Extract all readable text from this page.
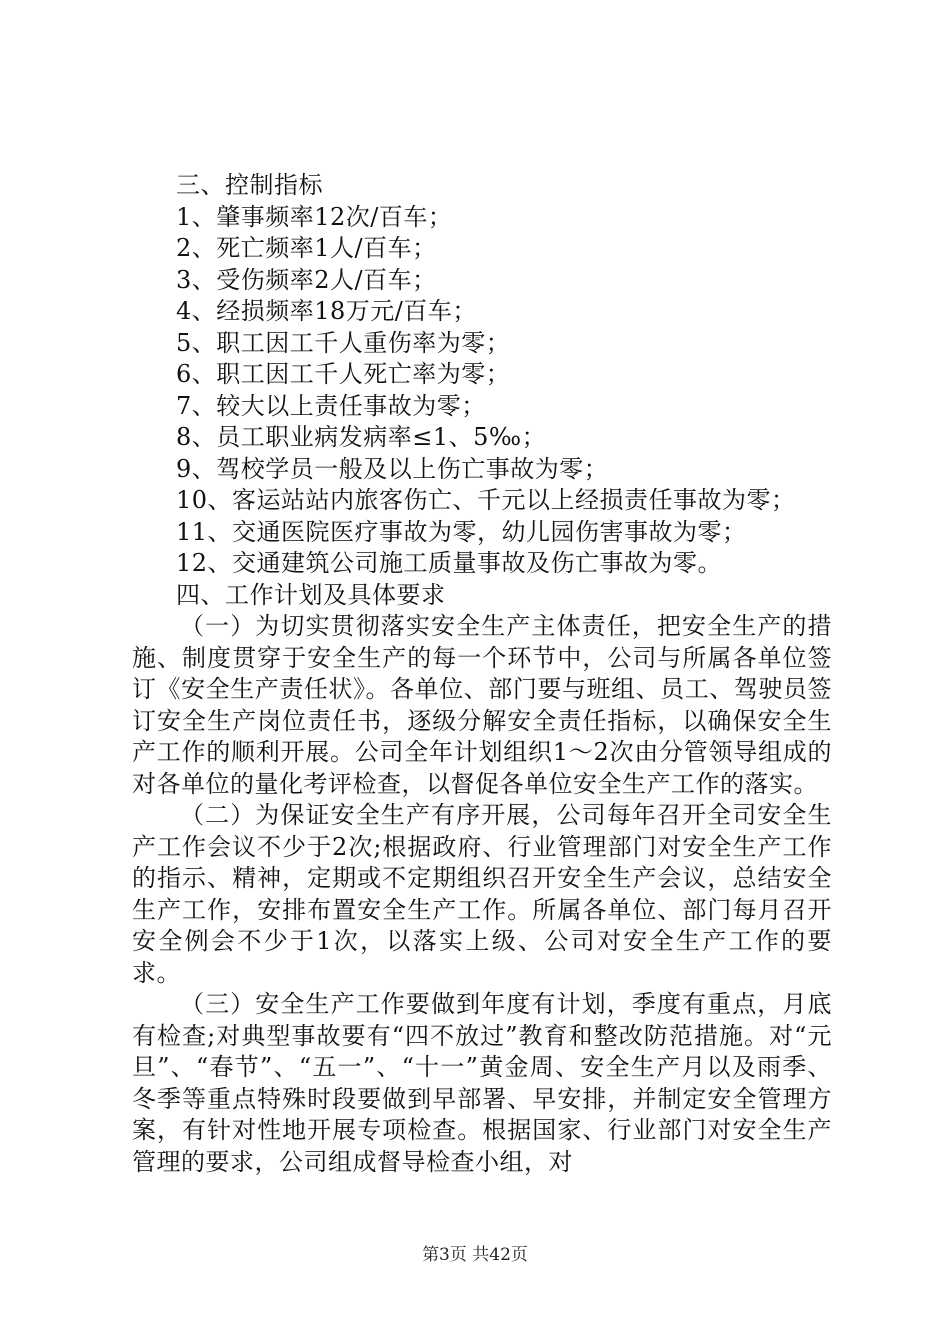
三、控制指标
1、肇事频率12次/百车；
2、死亡频率1人/百车；
3、受伤频率2人/百车；
4、经损频率18万元/百车；
5、职工因工千人重伤率为零；
6、职工因工千人死亡率为零；
7、较大以上责任事故为零；
8、员工职业病发病率≤1、5‰；
9、驾校学员一般及以上伤亡事故为零；
10、客运站站内旅客伤亡、千元以上经损责任事故为零；
11、交通医院医疗事故为零，幼儿园伤害事故为零；
12、交通建筑公司施工质量事故及伤亡事故为零。
四、工作计划及具体要求
（一）为切实贯彻落实安全生产主体责任，把安全生产的措施、制度贯穿于安全生产的每一个环节中，公司与所属各单位签订《安全生产责任状》。各单位、部门要与班组、员工、驾驶员签订安全生产岗位责任书，逐级分解安全责任指标，以确保安全生产工作的顺利开展。公司全年计划组织1～2次由分管领导组成的对各单位的量化考评检查，以督促各单位安全生产工作的落实。
（二）为保证安全生产有序开展，公司每年召开全司安全生产工作会议不少于2次;根据政府、行业管理部门对安全生产工作的指示、精神，定期或不定期组织召开安全生产会议，总结安全生产工作，安排布置安全生产工作。所属各单位、部门每月召开安全例会不少于1次，以落实上级、公司对安全生产工作的要求。
（三）安全生产工作要做到年度有计划，季度有重点，月底有检查;对典型事故要有“四不放过”教育和整改防范措施。对“元旦”、“春节”、“五一”、“十一”黄金周、安全生产月以及雨季、冬季等重点特殊时段要做到早部署、早安排，并制定安全管理方案，有针对性地开展专项检查。根据国家、行业部门对安全生产管理的要求，公司组成督导检查小组，对
第3页 共42页
